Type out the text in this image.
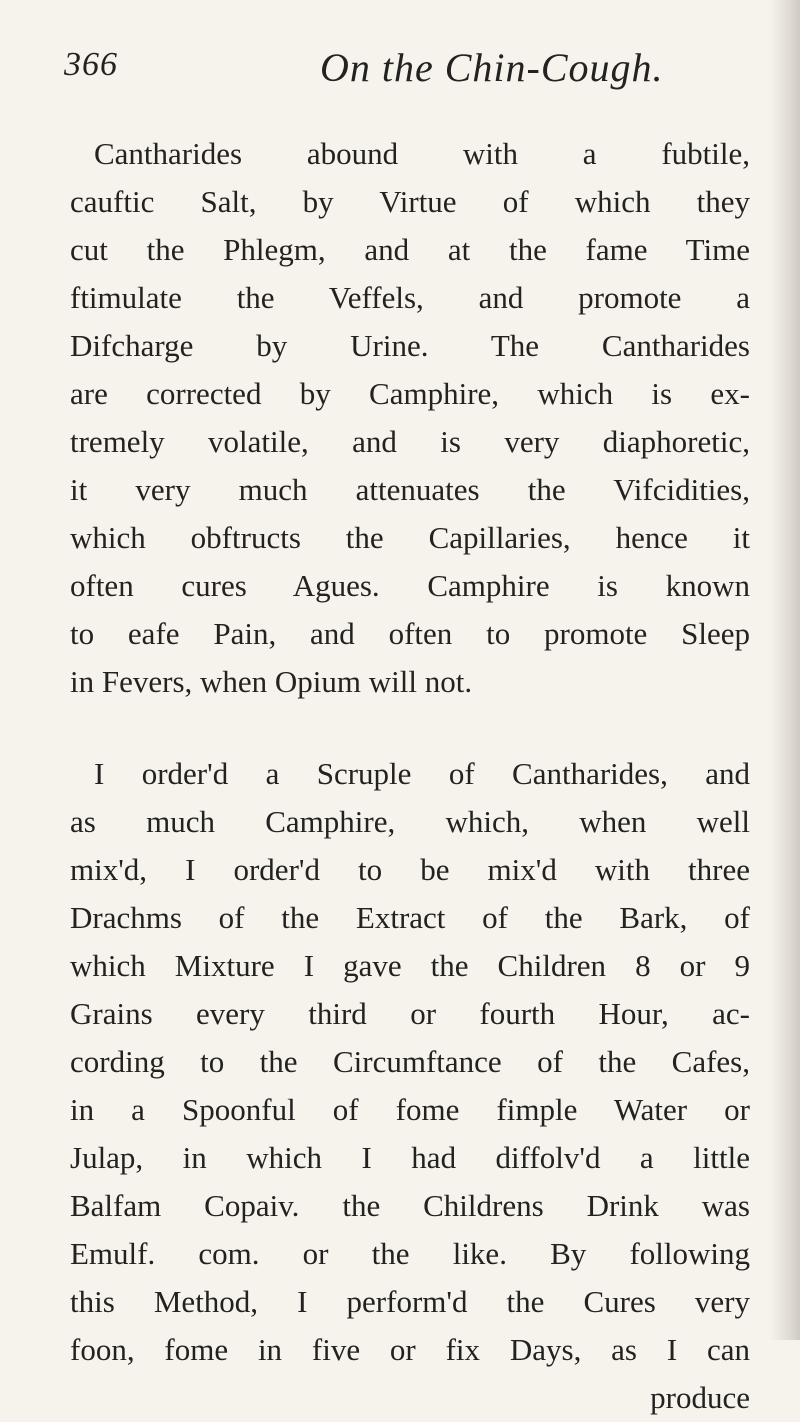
366	On the Chin-Cough.
Cantharides abound with a fubtile,
cauftic Salt, by Virtue of which they
cut the Phlegm, and at the fame Time
ftimulate the Veffels, and promote a
Difcharge by Urine. The Cantharides
are corrected by Camphire, which is ex-
tremely volatile, and is very diaphoretic,
it very much attenuates the Vifcidities,
which obftructs the Capillaries, hence it
often cures Agues. Camphire is known
to eafe Pain, and often to promote Sleep
in Fevers, when Opium will not.
I order'd a Scruple of Cantharides, and
as much Camphire, which, when well
mix'd, I order'd to be mix'd with three
Drachms of the Extract of the Bark, of
which Mixture I gave the Children 8 or 9
Grains every third or fourth Hour, ac-
cording to the Circumftance of the Cafes,
in a Spoonful of fome fimple Water or
Julap, in which I had diffolv'd a little
Balfam Copaiv. the Childrens Drink was
Emulf. com. or the like. By following
this Method, I perform'd the Cures very
foon, fome in five or fix Days, as I can
produce
